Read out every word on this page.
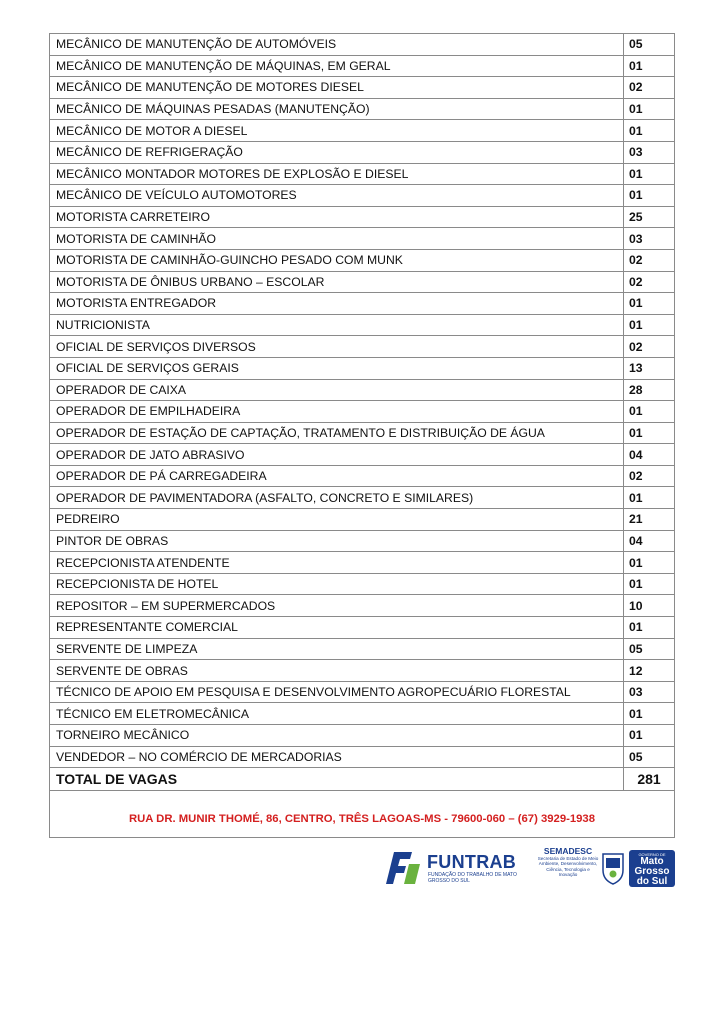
MECÂNICO DE MANUTENÇÃO DE AUTOMÓVEIS	05
MECÂNICO DE MANUTENÇÃO DE MÁQUINAS, EM GERAL	01
MECÂNICO DE MANUTENÇÃO DE MOTORES DIESEL	02
MECÂNICO DE MÁQUINAS PESADAS (MANUTENÇÃO)	01
MECÂNICO DE MOTOR A DIESEL	01
MECÂNICO DE REFRIGERAÇÃO	03
MECÂNICO MONTADOR MOTORES DE EXPLOSÃO E DIESEL	01
MECÂNICO DE VEÍCULO AUTOMOTORES	01
MOTORISTA CARRETEIRO	25
MOTORISTA DE CAMINHÃO	03
MOTORISTA DE CAMINHÃO-GUINCHO PESADO COM MUNK	02
MOTORISTA DE ÔNIBUS URBANO – ESCOLAR	02
MOTORISTA ENTREGADOR	01
NUTRICIONISTA	01
OFICIAL DE SERVIÇOS DIVERSOS	02
OFICIAL DE SERVIÇOS GERAIS	13
OPERADOR DE CAIXA	28
OPERADOR DE EMPILHADEIRA	01
OPERADOR DE ESTAÇÃO DE CAPTAÇÃO, TRATAMENTO E DISTRIBUIÇÃO DE ÁGUA	01
OPERADOR DE JATO ABRASIVO	04
OPERADOR DE PÁ CARREGADEIRA	02
OPERADOR DE PAVIMENTADORA (ASFALTO, CONCRETO E SIMILARES)	01
PEDREIRO	21
PINTOR DE OBRAS	04
RECEPCIONISTA ATENDENTE	01
RECEPCIONISTA DE HOTEL	01
REPOSITOR – EM SUPERMERCADOS	10
REPRESENTANTE COMERCIAL	01
SERVENTE DE LIMPEZA	05
SERVENTE DE OBRAS	12
TÉCNICO DE APOIO EM PESQUISA E DESENVOLVIMENTO AGROPECUÁRIO FLORESTAL	03
TÉCNICO EM ELETROMECÂNICA	01
TORNEIRO MECÂNICO	01
VENDEDOR – NO COMÉRCIO DE MERCADORIAS	05
TOTAL DE VAGAS	281
RUA DR. MUNIR THOMÉ, 86, CENTRO, TRÊS LAGOAS-MS - 79600-060 – (67) 3929-1938
FUNTRAB
FUNDAÇÃO DO TRABALHO DE MATO GROSSO DO SUL
SEMADESC
Secretaria de Estado de Meio Ambiente, Desenvolvimento, Ciência, Tecnologia e Inovação
GOVERNO DE
Mato
Grosso
do Sul
